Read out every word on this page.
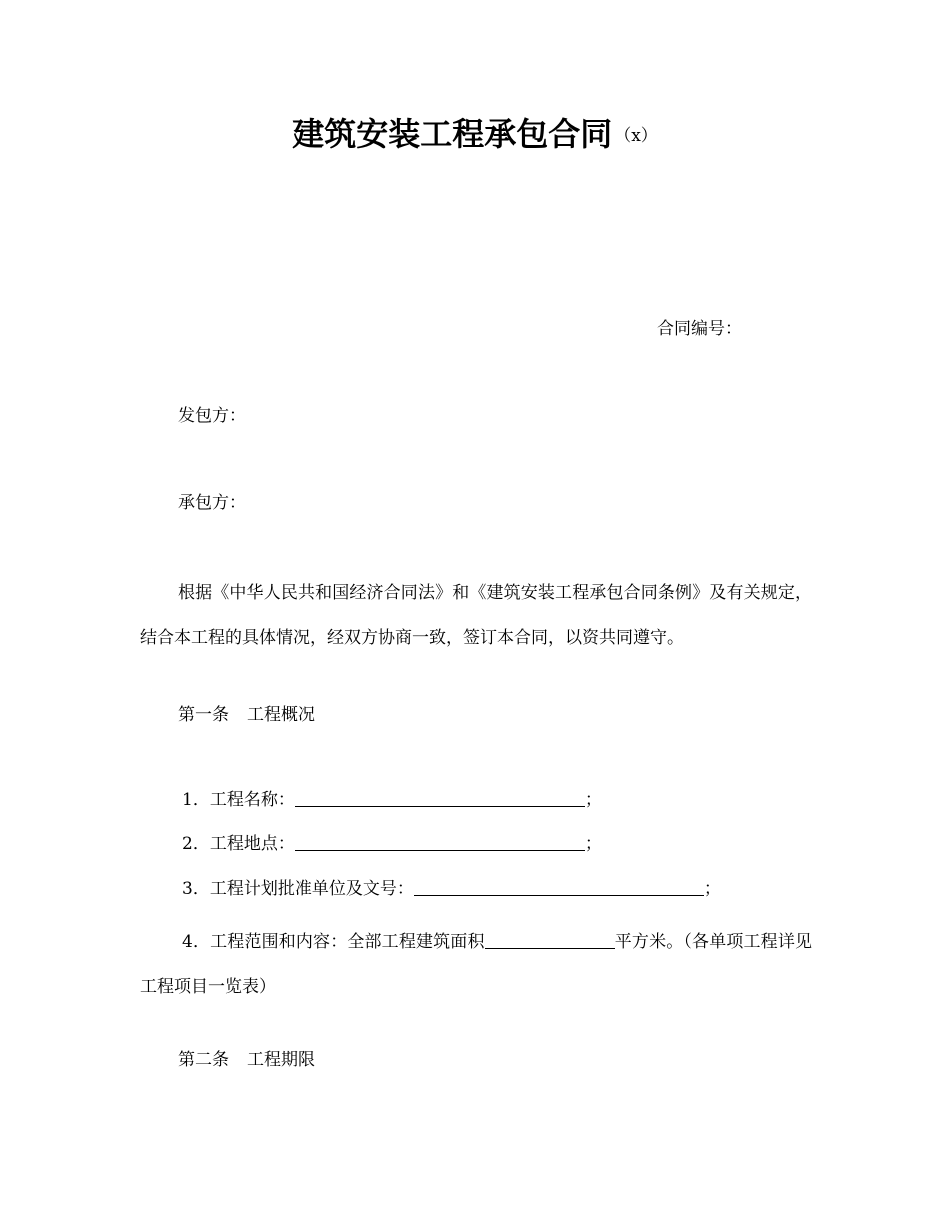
建筑安装工程承包合同 （x）
合同编号：
发包方：
承包方：
根据《中华人民共和国经济合同法》和《建筑安装工程承包合同条例》及有关规定，结合本工程的具体情况，经双方协商一致，签订本合同，以资共同遵守。
第一条 工程概况
1．工程名称：	；
2．工程地点：	；
3．工程计划批准单位及文号：	；
4．工程范围和内容：全部工程建筑面积	平方米。（各单项工程详见工程项目一览表）
第二条 工程期限
